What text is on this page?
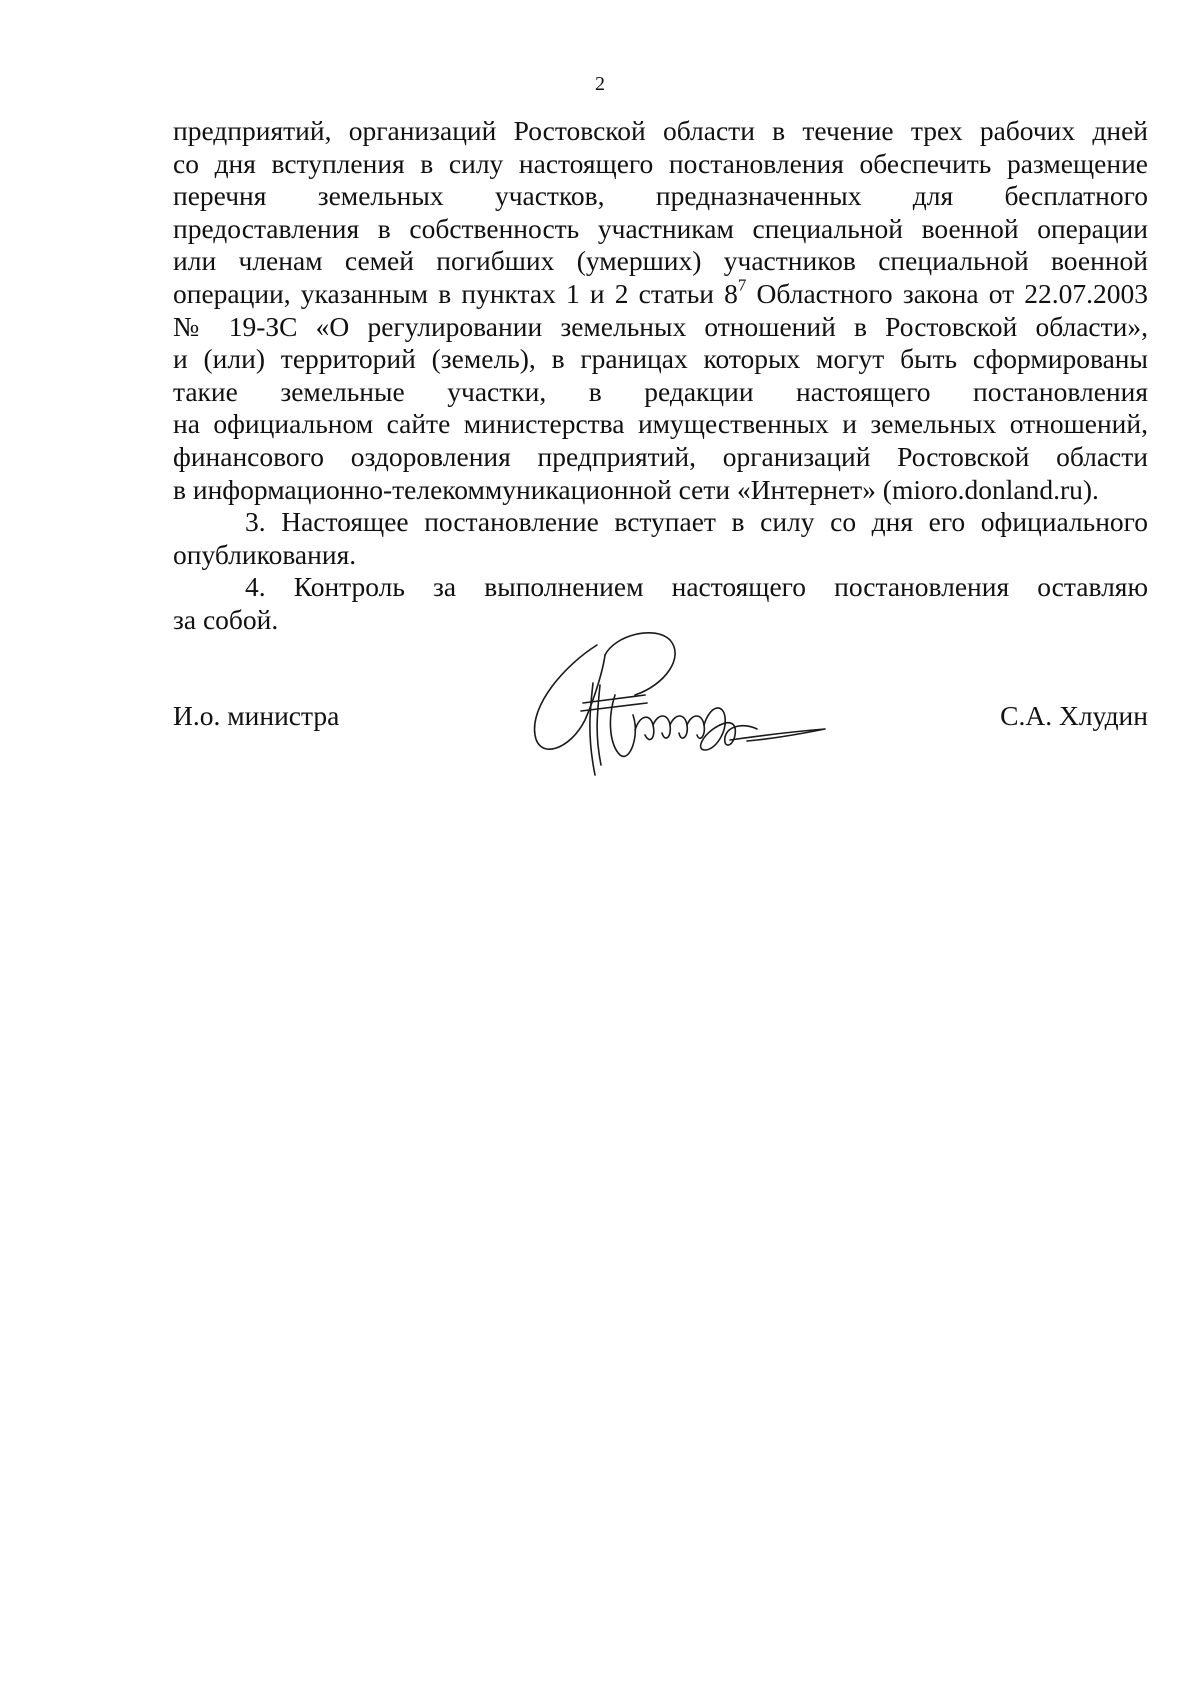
2
предприятий, организаций Ростовской области в течение трех рабочих дней
со дня вступления в силу настоящего постановления обеспечить размещение
перечня земельных участков, предназначенных для бесплатного
предоставления в собственность участникам специальной военной операции
или членам семей погибших (умерших) участников специальной военной
операции, указанным в пунктах 1 и 2 статьи $8^7$ Областного закона от 22.07.2003
№ 19-ЗС «О регулировании земельных отношений в Ростовской области»,
и (или) территорий (земель), в границах которых могут быть сформированы
такие земельные участки, в редакции настоящего постановления
на официальном сайте министерства имущественных и земельных отношений,
финансового оздоровления предприятий, организаций Ростовской области
в информационно-телекоммуникационной сети «Интернет» (mioro.donland.ru).
3. Настоящее постановление вступает в силу со дня его официального
опубликования.
4. Контроль за выполнением настоящего постановления оставляю
за собой.
И.о. министра	С.А. Хлудин
